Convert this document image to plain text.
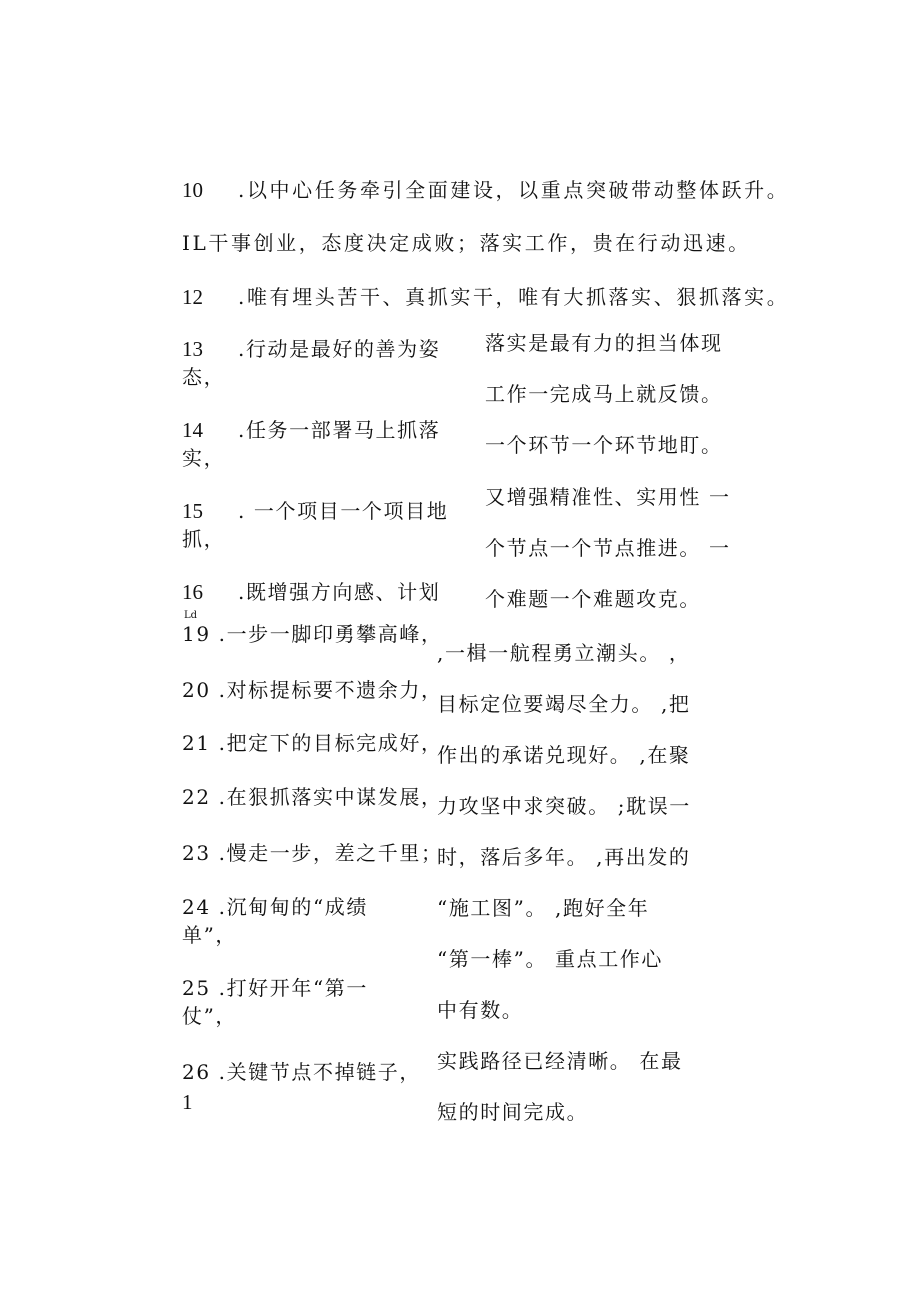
10 .以中心任务牵引全面建设，以重点突破带动整体跃升。
IL干事创业，态度决定成败；落实工作，贵在行动迅速。
12 .唯有埋头苦干、真抓实干，唯有大抓落实、狠抓落实。
13 .行动是最好的善为姿
态，
14 .任务一部署马上抓落
实，
15 . 一个项目一个项目地
抓，
16 .既增强方向感、计划
Ld
落实是最有力的担当体现
工作一完成马上就反馈。
一个环节一个环节地盯。
又增强精准性、实用性 一
个节点一个节点推进。 一
个难题一个难题攻克。
19 .一步一脚印勇攀高峰，
20 .对标提标要不遗余力，
21 .把定下的目标完成好，
22 .在狠抓落实中谋发展，
23 .慢走一步，差之千里；
24 .沉甸甸的“成绩
单”，
25 .打好开年“第一
仗”，
26 .关键节点不掉链子，
1
,一楫一航程勇立潮头。 ，
目标定位要竭尽全力。 ,把
作出的承诺兑现好。 ,在聚
力攻坚中求突破。 ;耽误一
时，落后多年。 ,再出发的
“施工图”。 ,跑好全年
“第一棒”。 重点工作心
中有数。
实践路径已经清晰。 在最
短的时间完成。
